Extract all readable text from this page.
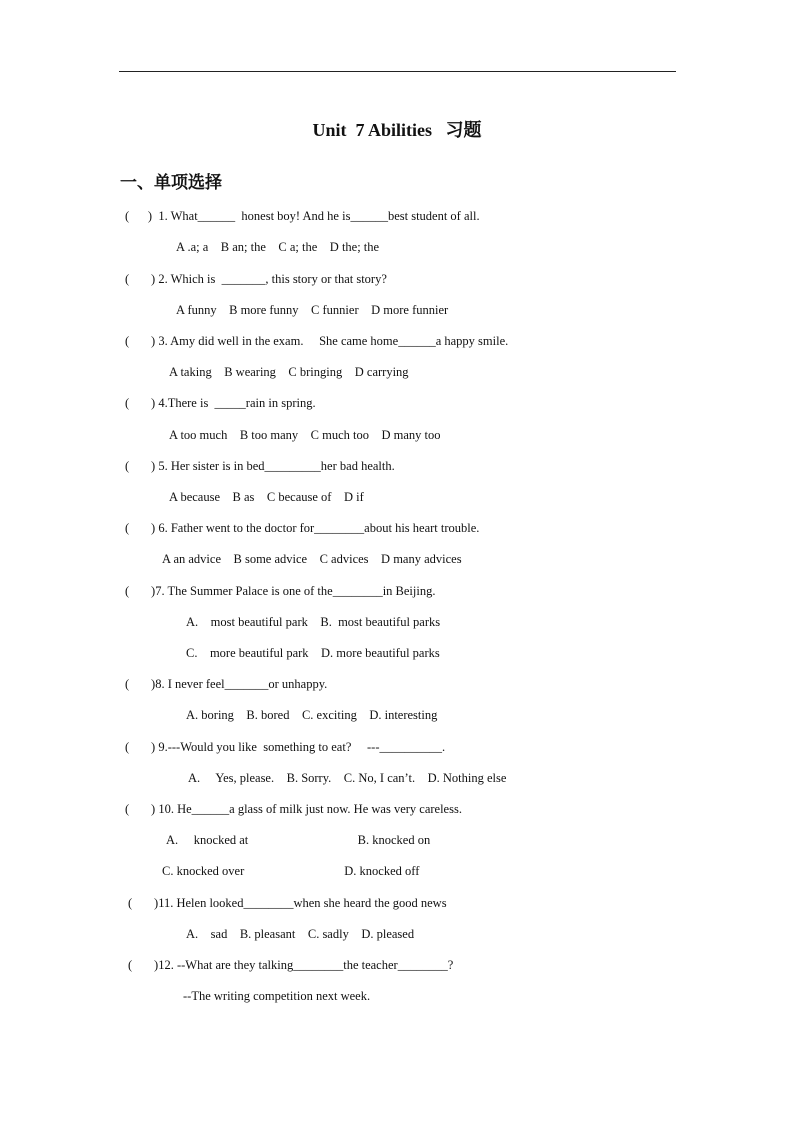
Unit  7 Abilities   习题
一、单项选择
(      )  1. What______  honest boy! And he is______best student of all.
A .a; a    B an; the    C a; the    D the; the
(       ) 2. Which is  _______, this story or that story?
A funny    B more funny    C funnier    D more funnier
(       ) 3. Amy did well in the exam.     She came home______a happy smile.
A taking    B wearing    C bringing    D carrying
(       ) 4.There is  _____rain in spring.
A too much    B too many    C much too    D many too
(       ) 5. Her sister is in bed_________her bad health.
A because    B as    C because of    D if
(       ) 6. Father went to the doctor for________about his heart trouble.
A an advice    B some advice    C advices    D many advices
(       )7. The Summer Palace is one of the________in Beijing.
A.    most beautiful park    B.  most beautiful parks
C.    more beautiful park    D. more beautiful parks
(       )8. I never feel_______or unhappy.
A. boring    B. bored    C. exciting    D. interesting
(       ) 9.---Would you like  something to eat?     ---__________.
A.     Yes, please.    B. Sorry.    C. No, I can’t.    D. Nothing else
(       ) 10. He______a glass of milk just now. He was very careless.
A.     knocked at                                   B. knocked on
C. knocked over                                D. knocked off
(       )11. Helen looked________when she heard the good news
A.    sad    B. pleasant    C. sadly    D. pleased
(       )12. --What are they talking________the teacher________?
--The writing competition next week.
